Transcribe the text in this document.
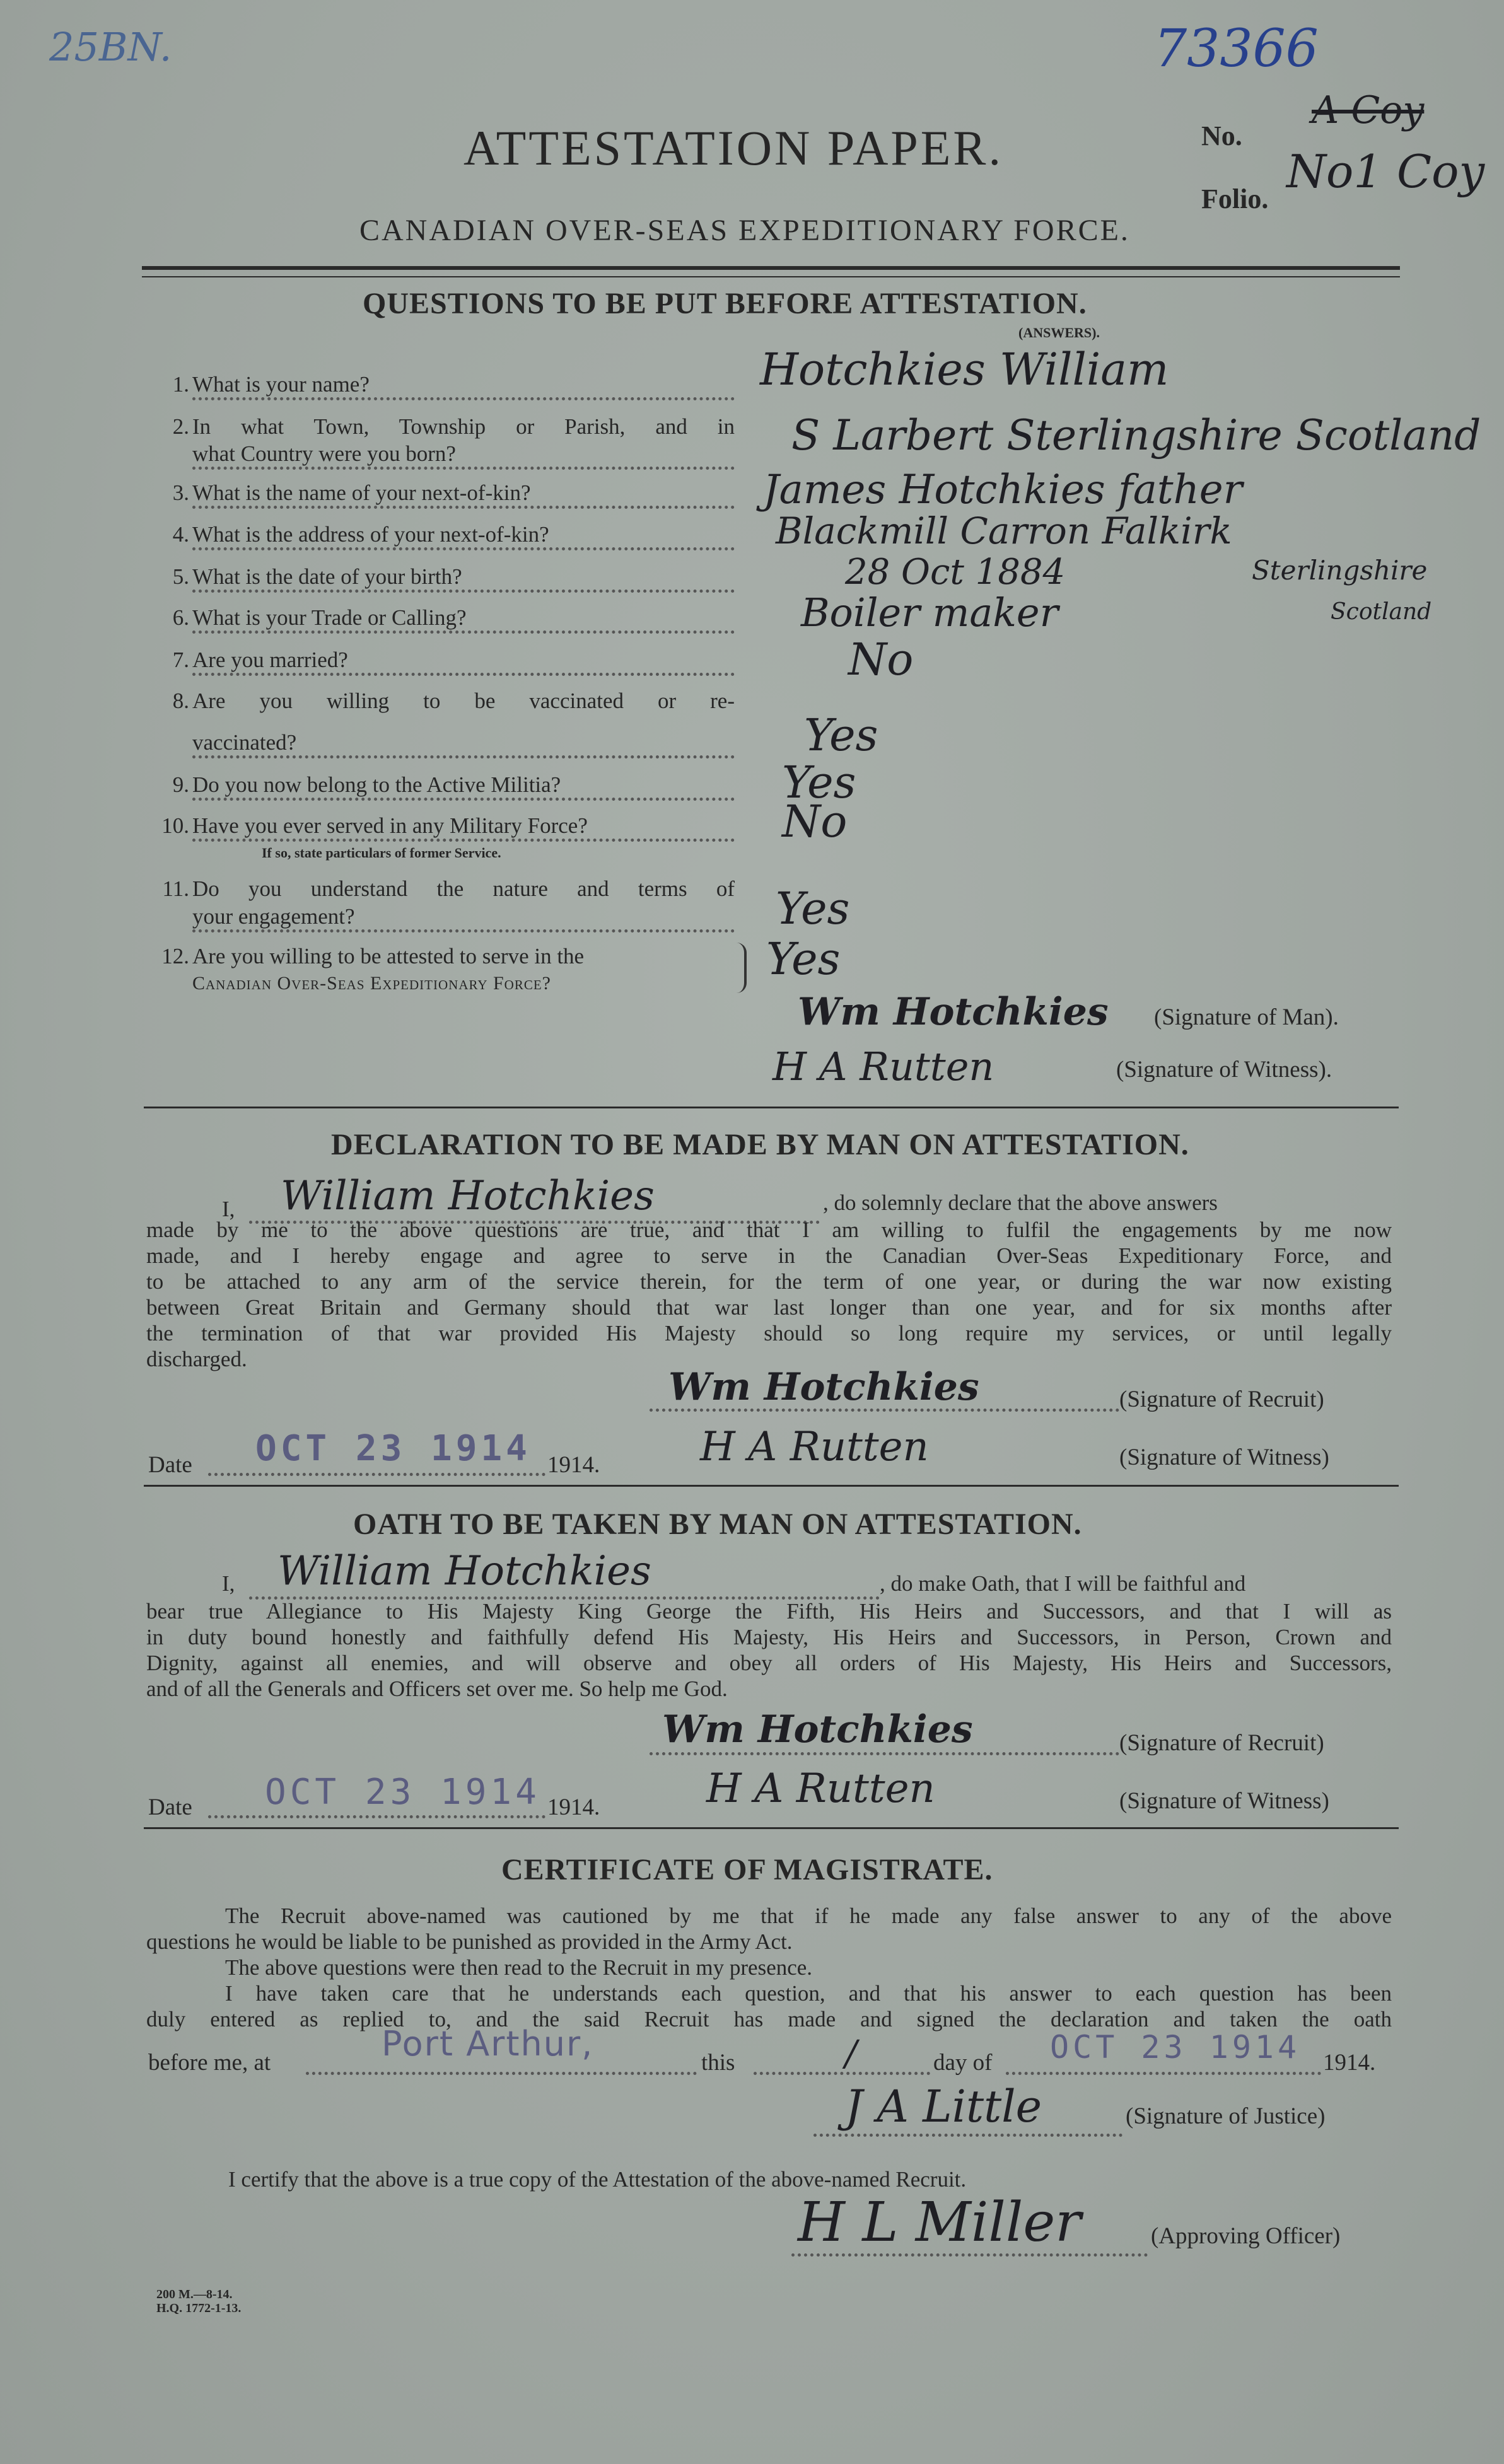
25BN.	73366
A Coy
No1 Coy
ATTESTATION PAPER.	No.
Folio.
CANADIAN OVER-SEAS EXPEDITIONARY FORCE.
QUESTIONS TO BE PUT BEFORE ATTESTATION.
(ANSWERS).
1. What is your name?	Hotchkies William
2. In what Town, Township or Parish, and in
what Country were you born?	S Larbert Sterlingshire Scotland
3. What is the name of your next-of-kin?	James Hotchkies father
4. What is the address of your next-of-kin?	Blackmill Carron Falkirk
5. What is the date of your birth?	28 Oct 1884	Sterlingshire
6. What is your Trade or Calling?	Boiler maker	Scotland
7. Are you married?	No
8. Are you willing to be vaccinated or re-
vaccinated?	Yes
9. Do you now belong to the Active Militia?	Yes
10. Have you ever served in any Military Force?
If so, state particulars of former Service.
No
11. Do you understand the nature and terms of
your engagement?	Yes
12. Are you willing to be attested to serve in the
Canadian Over-Seas Expeditionary Force?	Yes
Wm Hotchkies (Signature of Man).
H A Rutten	(Signature of Witness).
DECLARATION TO BE MADE BY MAN ON ATTESTATION.
I, William Hotchkies	, do solemnly declare that the above answers
made by me to the above questions are true, and that I am willing to fulfil the engagements by me now
made, and I hereby engage and agree to serve in the Canadian Over-Seas Expeditionary Force, and
to be attached to any arm of the service therein, for the term of one year, or during the war now existing
between Great Britain and Germany should that war last longer than one year, and for six months after
the termination of that war provided His Majesty should so long require my services, or until legally
discharged.
Wm Hotchkies	(Signature of Recruit)
Date OCT 23 1914 1914. H A Rutten	(Signature of Witness)
OATH TO BE TAKEN BY MAN ON ATTESTATION.
I, William Hotchkies	, do make Oath, that I will be faithful and
bear true Allegiance to His Majesty King George the Fifth, His Heirs and Successors, and that I will as
in duty bound honestly and faithfully defend His Majesty, His Heirs and Successors, in Person, Crown and
Dignity, against all enemies, and will observe and obey all orders of His Majesty, His Heirs and Successors,
and of all the Generals and Officers set over me. So help me God.
Wm Hotchkies	(Signature of Recruit)
Date OCT 23 1914 1914.	H A Rutten	(Signature of Witness)
CERTIFICATE OF MAGISTRATE.
The Recruit above-named was cautioned by me that if he made any false answer to any of the above
questions he would be liable to be punished as provided in the Army Act.
The above questions were then read to the Recruit in my presence.
I have taken care that he understands each question, and that his answer to each question has been
duly entered as replied to, and the said Recruit has made and signed the declaration and taken the oath
before me, at	Port Arthur,	this	/	day of OCT 23 1914 1914.
J A Little	(Signature of Justice)
I certify that the above is a true copy of the Attestation of the above-named Recruit.
H L Miller	(Approving Officer)
200 M.—8-14.
H.Q. 1772-1-13.
